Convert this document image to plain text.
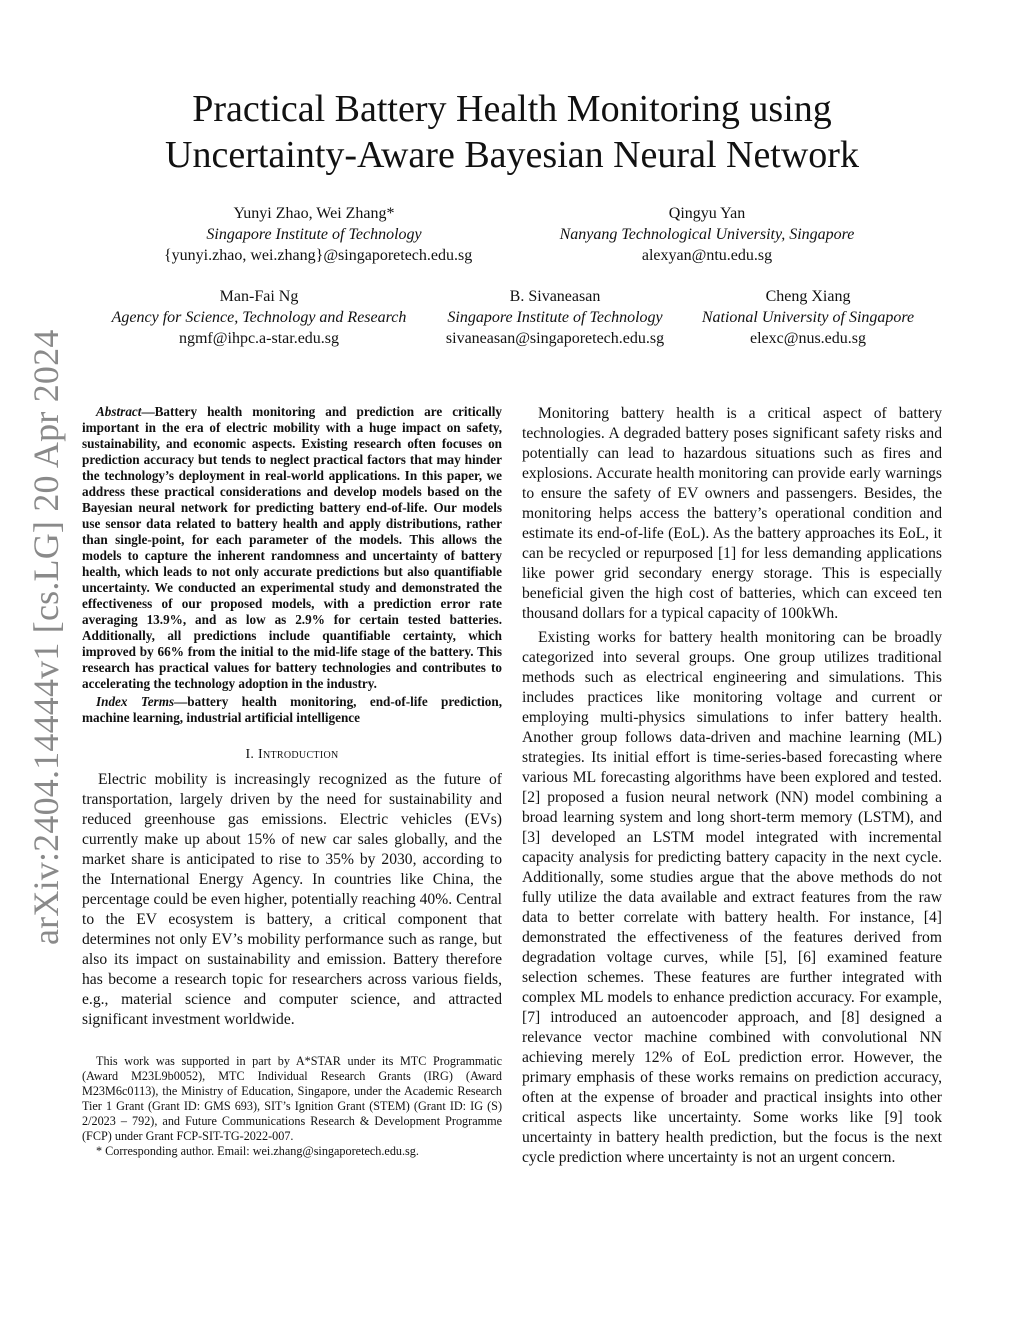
arXiv:2404.14444v1 [cs.LG] 20 Apr 2024
Practical Battery Health Monitoring using
Uncertainty-Aware Bayesian Neural Network
Yunyi Zhao, Wei Zhang*
Singapore Institute of Technology
{yunyi.zhao, wei.zhang}@singaporetech.edu.sg
Qingyu Yan
Nanyang Technological University, Singapore
alexyan@ntu.edu.sg
Man-Fai Ng
Agency for Science, Technology and Research
ngmf@ihpc.a-star.edu.sg
B. Sivaneasan
Singapore Institute of Technology
sivaneasan@singaporetech.edu.sg
Cheng Xiang
National University of Singapore
elexc@nus.edu.sg

Abstract—Battery health monitoring and prediction are critically important in the era of electric mobility with a huge impact on safety, sustainability, and economic aspects. Existing research often focuses on prediction accuracy but tends to neglect practical factors that may hinder the technology’s deployment in real-world applications. In this paper, we address these practical considerations and develop models based on the Bayesian neural network for predicting battery end-of-life. Our models use sensor data related to battery health and apply distributions, rather than single-point, for each parameter of the models. This allows the models to capture the inherent randomness and uncertainty of battery health, which leads to not only accurate predictions but also quantifiable uncertainty. We conducted an experimental study and demonstrated the effectiveness of our proposed models, with a prediction error rate averaging 13.9%, and as low as 2.9% for certain tested batteries. Additionally, all predictions include quantifiable certainty, which improved by 66% from the initial to the mid-life stage of the battery. This research has practical values for battery technologies and contributes to accelerating the technology adoption in the industry.

Index Terms—battery health monitoring, end-of-life prediction, machine learning, industrial artificial intelligence

I. Introduction

Electric mobility is increasingly recognized as the future of transportation, largely driven by the need for sustainability and reduced greenhouse gas emissions. Electric vehicles (EVs) currently make up about 15% of new car sales globally, and the market share is anticipated to rise to 35% by 2030, according to the International Energy Agency. In countries like China, the percentage could be even higher, potentially reaching 40%. Central to the EV ecosystem is battery, a critical component that determines not only EV’s mobility performance such as range, but also its impact on sustainability and emission. Battery therefore has become a research topic for researchers across various fields, e.g., material science and computer science, and attracted significant investment worldwide.

This work was supported in part by A*STAR under its MTC Programmatic (Award M23L9b0052), MTC Individual Research Grants (IRG) (Award M23M6c0113), the Ministry of Education, Singapore, under the Academic Research Tier 1 Grant (Grant ID: GMS 693), SIT’s Ignition Grant (STEM) (Grant ID: IG (S) 2/2023 – 792), and Future Communications Research & Development Programme (FCP) under Grant FCP-SIT-TG-2022-007.

* Corresponding author. Email: wei.zhang@singaporetech.edu.sg.

Monitoring battery health is a critical aspect of battery technologies. A degraded battery poses significant safety risks and potentially can lead to hazardous situations such as fires and explosions. Accurate health monitoring can provide early warnings to ensure the safety of EV owners and passengers. Besides, the monitoring helps access the battery’s operational condition and estimate its end-of-life (EoL). As the battery approaches its EoL, it can be recycled or repurposed [1] for less demanding applications like power grid secondary energy storage. This is especially beneficial given the high cost of batteries, which can exceed ten thousand dollars for a typical capacity of 100kWh.

Existing works for battery health monitoring can be broadly categorized into several groups. One group utilizes traditional methods such as electrical engineering and simulations. This includes practices like monitoring voltage and current or employing multi-physics simulations to infer battery health. Another group follows data-driven and machine learning (ML) strategies. Its initial effort is time-series-based forecasting where various ML forecasting algorithms have been explored and tested. [2] proposed a fusion neural network (NN) model combining a broad learning system and long short-term memory (LSTM), and [3] developed an LSTM model integrated with incremental capacity analysis for predicting battery capacity in the next cycle. Additionally, some studies argue that the above methods do not fully utilize the data available and extract features from the raw data to better correlate with battery health. For instance, [4] demonstrated the effectiveness of the features derived from degradation voltage curves, while [5], [6] examined feature selection schemes. These features are further integrated with complex ML models to enhance prediction accuracy. For example, [7] introduced an autoencoder approach, and [8] designed a relevance vector machine combined with convolutional NN achieving merely 12% of EoL prediction error. However, the primary emphasis of these works remains on prediction accuracy, often at the expense of broader and practical insights into other critical aspects like uncertainty. Some works like [9] took uncertainty in battery health prediction, but the focus is the next cycle prediction where uncertainty is not an urgent concern.
